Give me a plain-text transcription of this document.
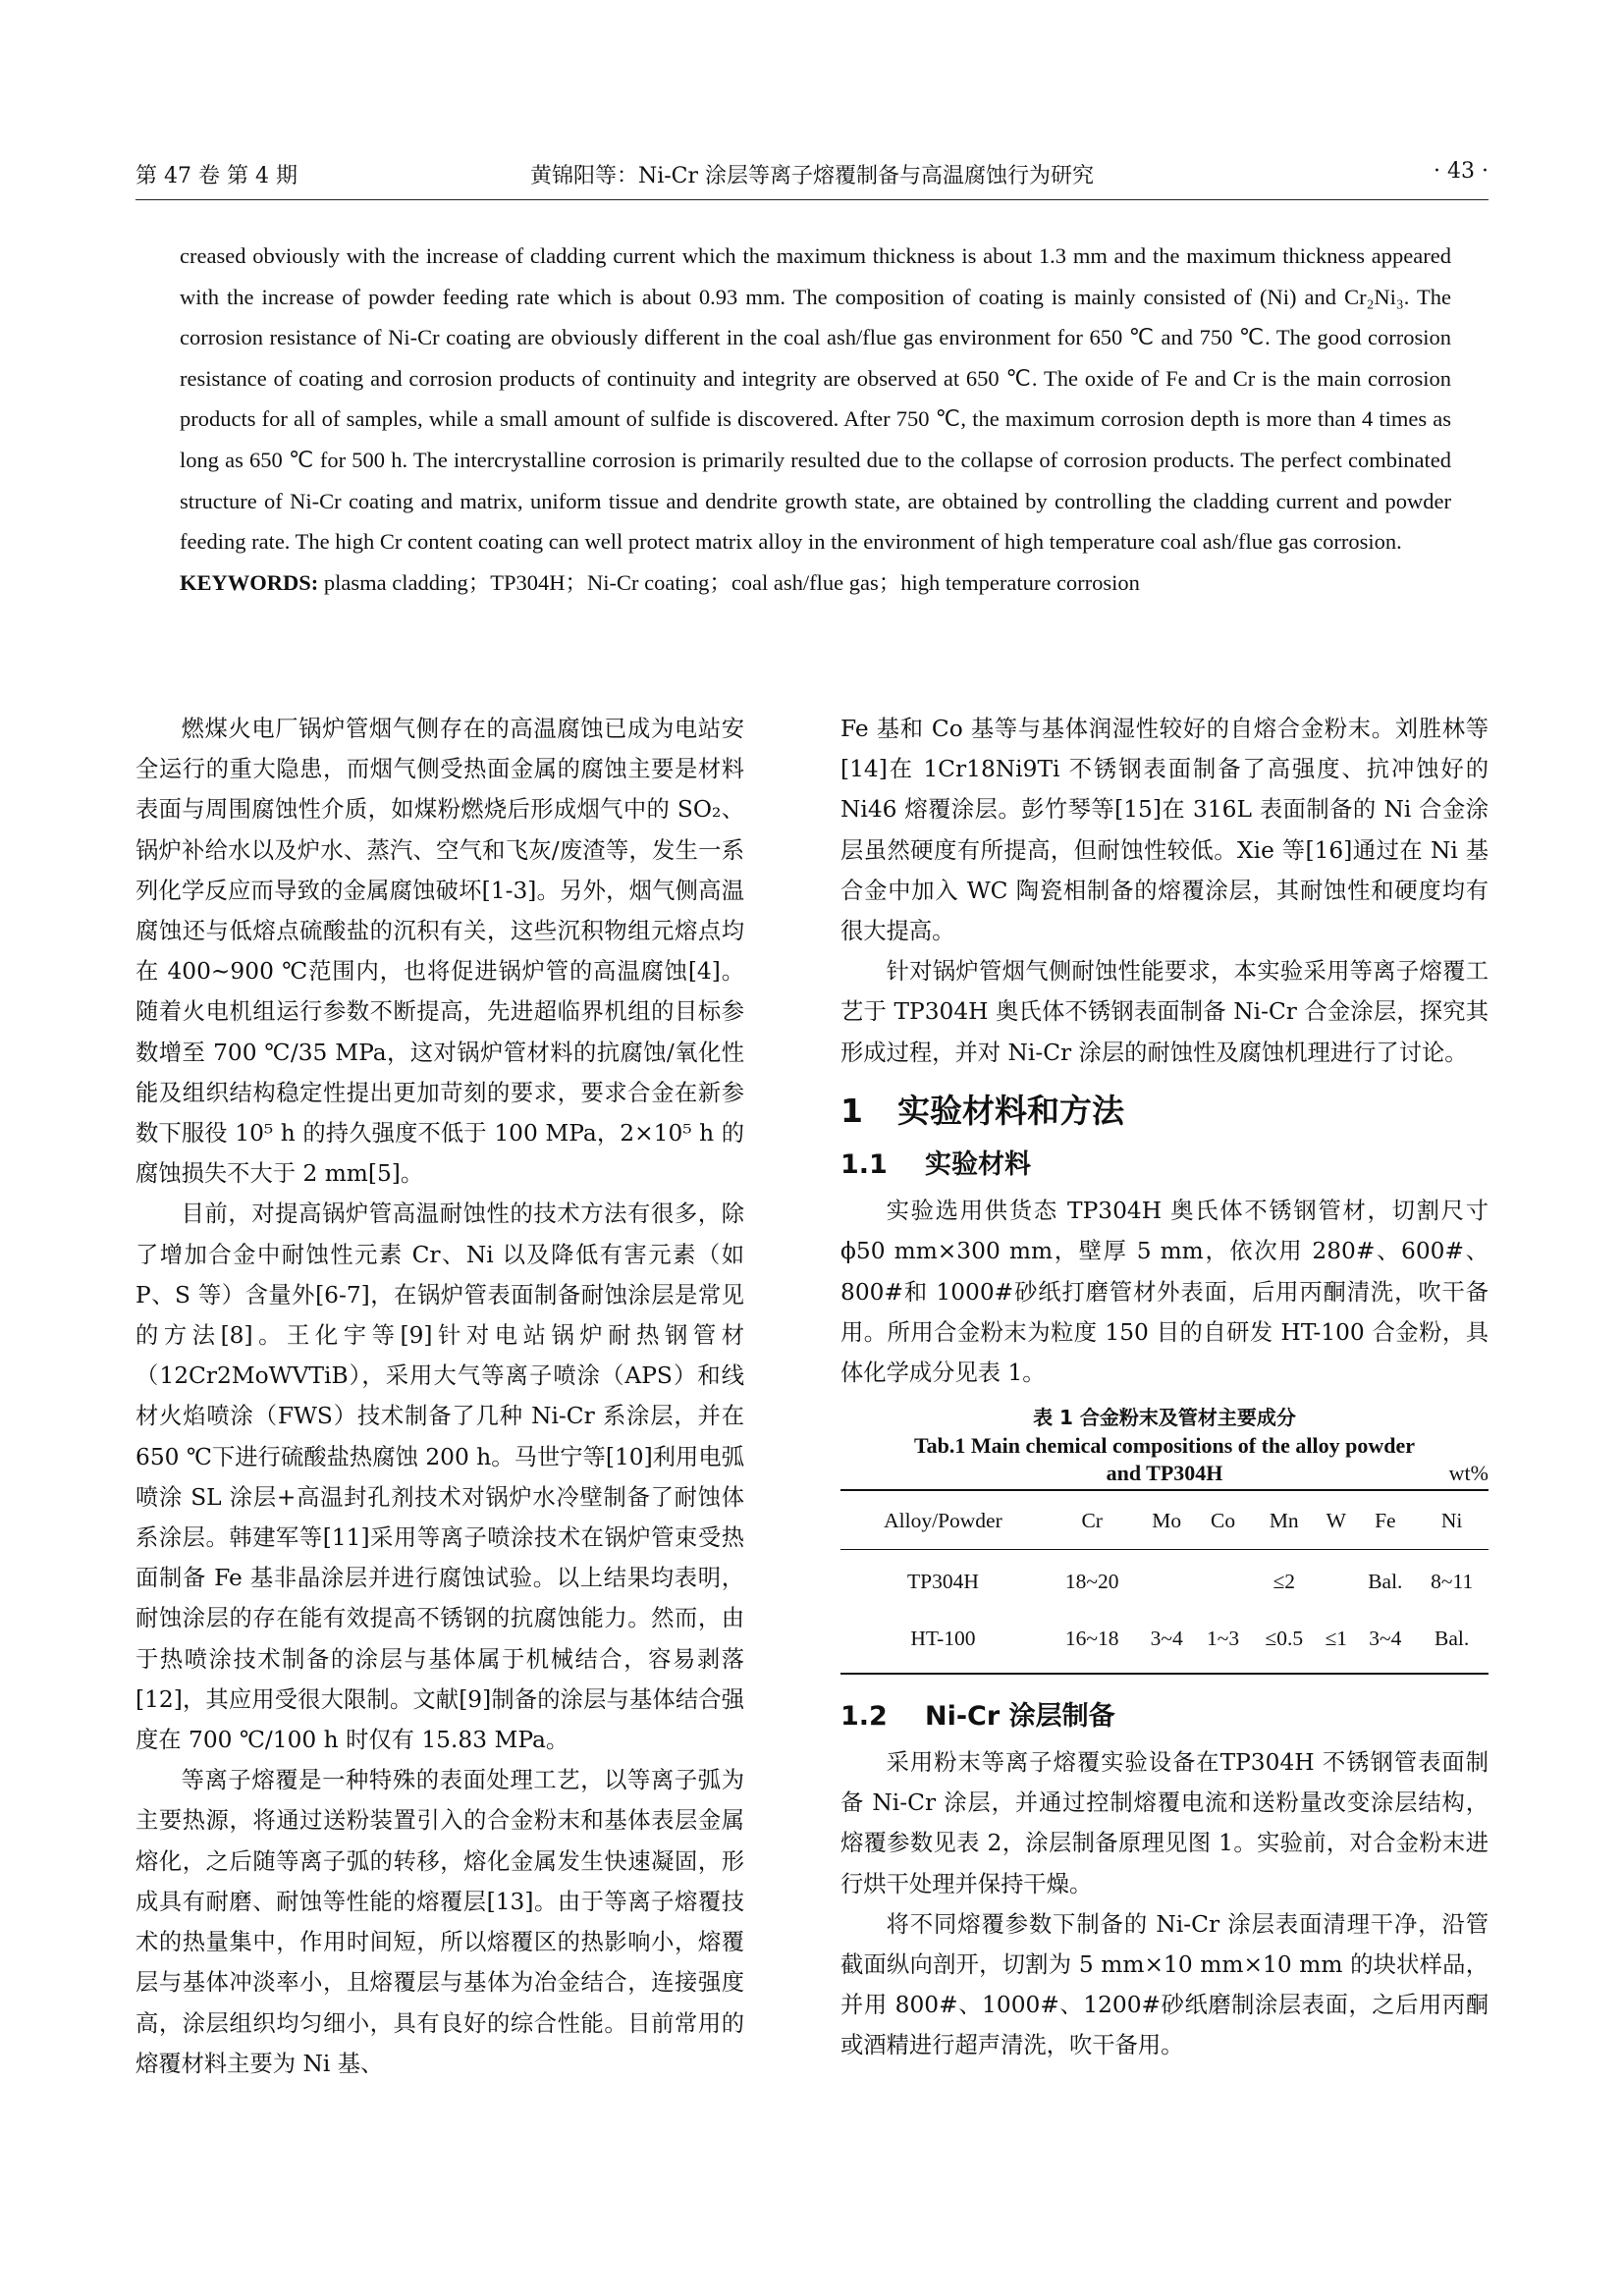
第 47 卷 第 4 期	黄锦阳等：Ni-Cr 涂层等离子熔覆制备与高温腐蚀行为研究	· 43 ·

creased obviously with the increase of cladding current which the maximum thickness is about 1.3 mm and the maximum thickness appeared with the increase of powder feeding rate which is about 0.93 mm. The composition of coating is mainly consisted of (Ni) and Cr₂Ni₃. The corrosion resistance of Ni-Cr coating are obviously different in the coal ash/flue gas environment for 650 ℃ and 750 ℃. The good corrosion resistance of coating and corrosion products of continuity and integrity are observed at 650 ℃. The oxide of Fe and Cr is the main corrosion products for all of samples, while a small amount of sulfide is discovered. After 750 ℃, the maximum corrosion depth is more than 4 times as long as 650 ℃ for 500 h. The intercrystalline corrosion is primarily resulted due to the collapse of corrosion products. The perfect combinated structure of Ni-Cr coating and matrix, uniform tissue and dendrite growth state, are obtained by controlling the cladding current and powder feeding rate. The high Cr content coating can well protect matrix alloy in the environment of high temperature coal ash/flue gas corrosion.

KEYWORDS: plasma cladding；TP304H；Ni-Cr coating；coal ash/flue gas；high temperature corrosion

燃煤火电厂锅炉管烟气侧存在的高温腐蚀已成为电站安全运行的重大隐患，而烟气侧受热面金属的腐蚀主要是材料表面与周围腐蚀性介质，如煤粉燃烧后形成烟气中的 SO₂、锅炉补给水以及炉水、蒸汽、空气和飞灰/废渣等，发生一系列化学反应而导致的金属腐蚀破坏[1-3]。另外，烟气侧高温腐蚀还与低熔点硫酸盐的沉积有关，这些沉积物组元熔点均在 400~900 ℃范围内，也将促进锅炉管的高温腐蚀[4]。随着火电机组运行参数不断提高，先进超临界机组的目标参数增至 700 ℃/35 MPa，这对锅炉管材料的抗腐蚀/氧化性能及组织结构稳定性提出更加苛刻的要求，要求合金在新参数下服役 10⁵ h 的持久强度不低于 100 MPa，2×10⁵ h 的腐蚀损失不大于 2 mm[5]。

目前，对提高锅炉管高温耐蚀性的技术方法有很多，除了增加合金中耐蚀性元素 Cr、Ni 以及降低有害元素（如 P、S 等）含量外[6-7]，在锅炉管表面制备耐蚀涂层是常见的方法[8]。王化宇等[9]针对电站锅炉耐热钢管材（12Cr2MoWVTiB），采用大气等离子喷涂（APS）和线材火焰喷涂（FWS）技术制备了几种 Ni-Cr 系涂层，并在 650 ℃下进行硫酸盐热腐蚀 200 h。马世宁等[10]利用电弧喷涂 SL 涂层+高温封孔剂技术对锅炉水冷壁制备了耐蚀体系涂层。韩建军等[11]采用等离子喷涂技术在锅炉管束受热面制备 Fe 基非晶涂层并进行腐蚀试验。以上结果均表明，耐蚀涂层的存在能有效提高不锈钢的抗腐蚀能力。然而，由于热喷涂技术制备的涂层与基体属于机械结合，容易剥落[12]，其应用受很大限制。文献[9]制备的涂层与基体结合强度在 700 ℃/100 h 时仅有 15.83 MPa。

等离子熔覆是一种特殊的表面处理工艺，以等离子弧为主要热源，将通过送粉装置引入的合金粉末和基体表层金属熔化，之后随等离子弧的转移，熔化金属发生快速凝固，形成具有耐磨、耐蚀等性能的熔覆层[13]。由于等离子熔覆技术的热量集中，作用时间短，所以熔覆区的热影响小，熔覆层与基体冲淡率小，且熔覆层与基体为冶金结合，连接强度高，涂层组织均匀细小，具有良好的综合性能。目前常用的熔覆材料主要为 Ni 基、

Fe 基和 Co 基等与基体润湿性较好的自熔合金粉末。刘胜林等[14]在 1Cr18Ni9Ti 不锈钢表面制备了高强度、抗冲蚀好的 Ni46 熔覆涂层。彭竹琴等[15]在 316L 表面制备的 Ni 合金涂层虽然硬度有所提高，但耐蚀性较低。Xie 等[16]通过在 Ni 基合金中加入 WC 陶瓷相制备的熔覆涂层，其耐蚀性和硬度均有很大提高。

针对锅炉管烟气侧耐蚀性能要求，本实验采用等离子熔覆工艺于 TP304H 奥氏体不锈钢表面制备 Ni-Cr 合金涂层，探究其形成过程，并对 Ni-Cr 涂层的耐蚀性及腐蚀机理进行了讨论。

1 实验材料和方法
1.1 实验材料

实验选用供货态 TP304H 奥氏体不锈钢管材，切割尺寸ϕ50 mm×300 mm，壁厚 5 mm，依次用 280#、600#、800#和 1000#砂纸打磨管材外表面，后用丙酮清洗，吹干备用。所用合金粉末为粒度 150 目的自研发 HT-100 合金粉，具体化学成分见表 1。

表 1 合金粉末及管材主要成分
Tab.1 Main chemical compositions of the alloy powder
and TP304H	wt%
Alloy/Powder	Cr	Mo	Co	Mn	W	Fe	Ni
TP304H	18~20			≤2		Bal.	8~11
HT-100	16~18	3~4	1~3	≤0.5	≤1	3~4	Bal.
1.2 Ni-Cr 涂层制备

采用粉末等离子熔覆实验设备在TP304H 不锈钢管表面制备 Ni-Cr 涂层，并通过控制熔覆电流和送粉量改变涂层结构，熔覆参数见表 2，涂层制备原理见图 1。实验前，对合金粉末进行烘干处理并保持干燥。

将不同熔覆参数下制备的 Ni-Cr 涂层表面清理干净，沿管截面纵向剖开，切割为 5 mm×10 mm×10 mm 的块状样品，并用 800#、1000#、1200#砂纸磨制涂层表面，之后用丙酮或酒精进行超声清洗，吹干备用。
